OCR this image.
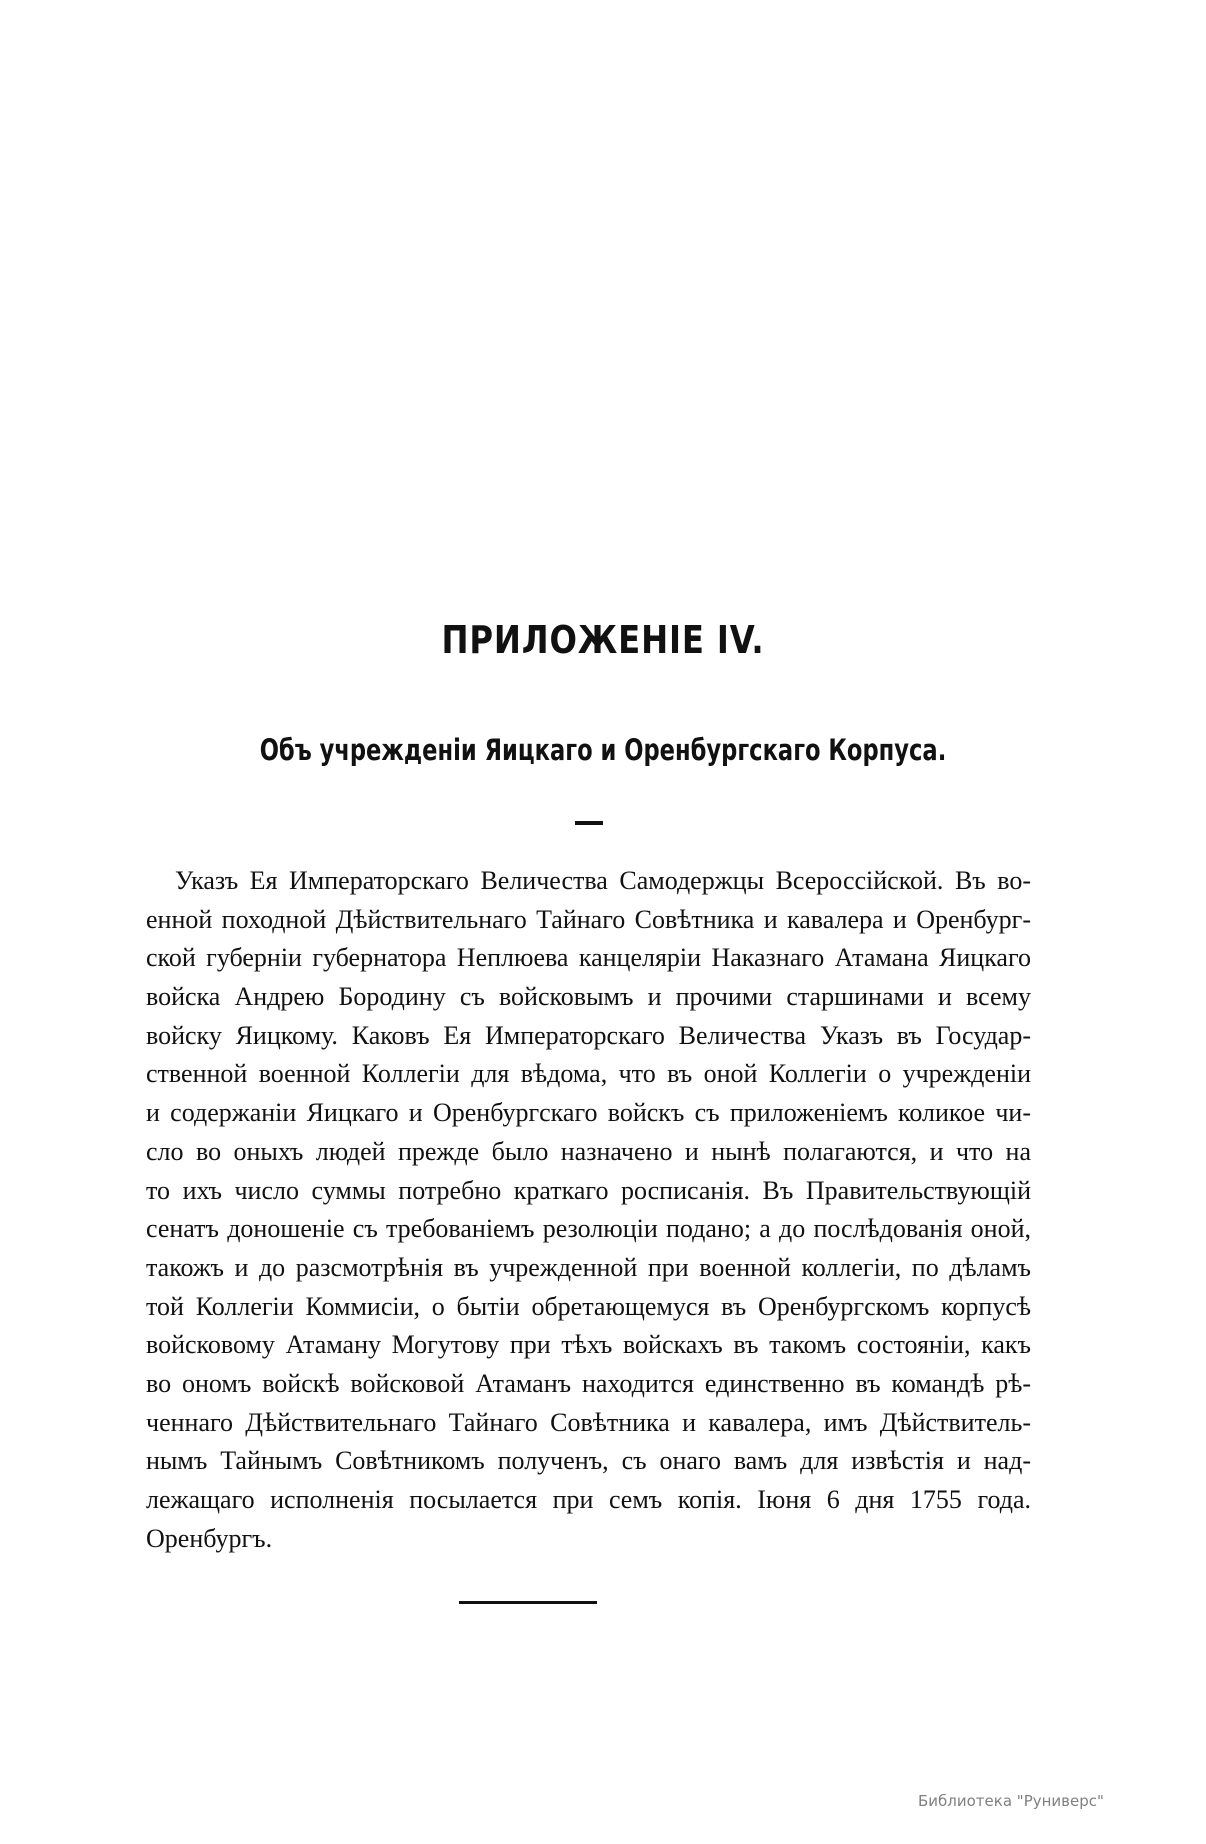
ПРИЛОЖЕНІЕ IV.
Объ учрежденіи Яицкаго и Оренбургскаго Корпуса.
Указъ Ея Императорскаго Величества Самодержцы Всероссійской. Въ во-
енной походной Дѣйствительнаго Тайнаго Совѣтника и кавалера и Оренбург-
ской губерніи губернатора Неплюева канцеляріи Наказнаго Атамана Яицкаго
войска Андрею Бородину съ войсковымъ и прочими старшинами и всему
войску Яицкому. Каковъ Ея Императорскаго Величества Указъ въ Государ-
ственной военной Коллегіи для вѣдома, что въ оной Коллегіи о учрежденіи
и содержаніи Яицкаго и Оренбургскаго войскъ съ приложеніемъ коликое чи-
сло во оныхъ людей прежде было назначено и нынѣ полагаются, и что на
то ихъ число суммы потребно краткаго росписанія. Въ Правительствующій
сенатъ доношеніе съ требованіемъ резолюціи подано; а до послѣдованія оной,
такожъ и до разсмотрѣнія въ учрежденной при военной коллегіи, по дѣламъ
той Коллегіи Коммисіи, о бытіи обретающемуся въ Оренбургскомъ корпусѣ
войсковому Атаману Могутову при тѣхъ войскахъ въ такомъ состояніи, какъ
во ономъ войскѣ войсковой Атаманъ находится единственно въ командѣ рѣ-
ченнаго Дѣйствительнаго Тайнаго Совѣтника и кавалера, имъ Дѣйствитель-
нымъ Тайнымъ Совѣтникомъ полученъ, съ онаго вамъ для извѣстія и над-
лежащаго исполненія посылается при семъ копія. Іюня 6 дня 1755 года.
Оренбургъ.
Библиотека "Руниверс"
